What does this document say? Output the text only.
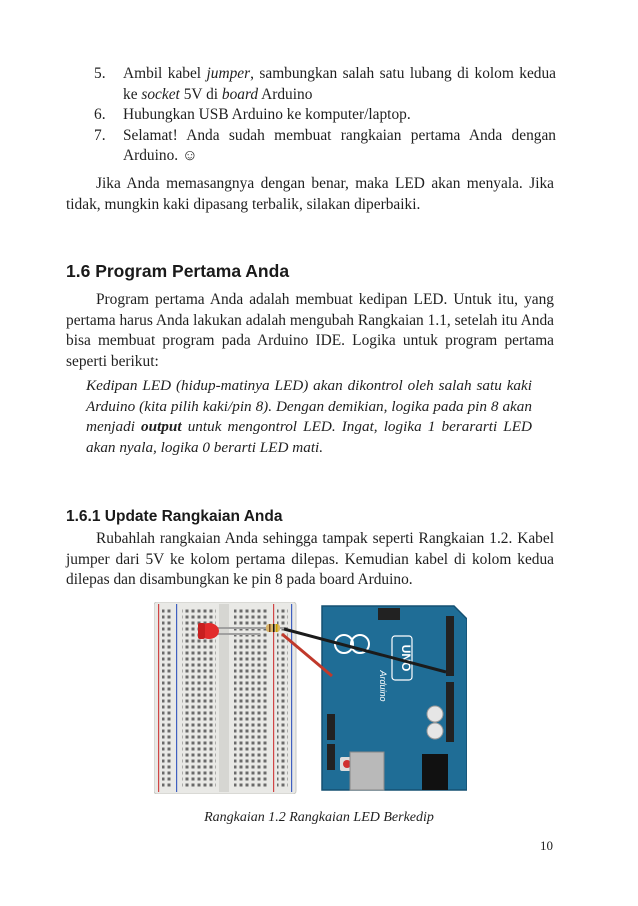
5. Ambil kabel jumper, sambungkan salah satu lubang di kolom kedua ke socket 5V di board Arduino
6. Hubungkan USB Arduino ke komputer/laptop.
7. Selamat! Anda sudah membuat rangkaian pertama Anda dengan Arduino. ☺

Jika Anda memasangnya dengan benar, maka LED akan menyala. Jika tidak, mungkin kaki dipasang terbalik, silakan diperbaiki.

1.6 Program Pertama Anda

Program pertama Anda adalah membuat kedipan LED. Untuk itu, yang pertama harus Anda lakukan adalah mengubah Rangkaian 1.1, setelah itu Anda bisa membuat program pada Arduino IDE. Logika untuk program pertama seperti berikut:

Kedipan LED (hidup-matinya LED) akan dikontrol oleh salah satu kaki Arduino (kita pilih kaki/pin 8). Dengan demikian, logika pada pin 8 akan menjadi output untuk mengontrol LED. Ingat, logika 1 berararti LED akan nyala, logika 0 berarti LED mati.

1.6.1 Update Rangkaian Anda

Rubahlah rangkaian Anda sehingga tampak seperti Rangkaian 1.2. Kabel jumper dari 5V ke kolom pertama dilepas. Kemudian kabel di kolom kedua dilepas dan disambungkan ke pin 8 pada board Arduino.

UNO
Arduino

Rangkaian 1.2 Rangkaian LED Berkedip

10
